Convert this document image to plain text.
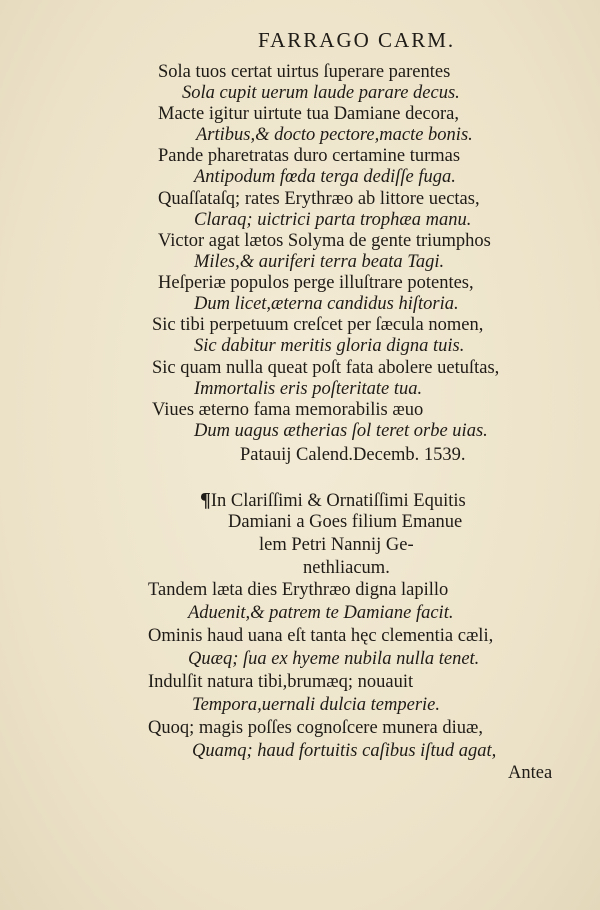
FARRAGO CARM.
Sola tuos certat uirtus ſuperare parentes
Sola cupit uerum laude parare decus.
Macte igitur uirtute tua Damiane decora,
Artibus,& docto pectore,macte bonis.
Pande pharetratas duro certamine turmas
Antipodum fœda terga dediſſe fuga.
Quaſſataſq; rates Erythræo ab littore uectas,
Claraq; uictrici parta trophæa manu.
Victor agat lætos Solyma de gente triumphos
Miles,& auriferi terra beata Tagi.
Heſperiæ populos perge illuſtrare potentes,
Dum licet,æterna candidus hiſtoria.
Sic tibi perpetuum creſcet per ſæcula nomen,
Sic dabitur meritis gloria digna tuis.
Sic quam nulla queat poſt fata abolere uetuſtas,
Immortalis eris poſteritate tua.
Viues æterno fama memorabilis æuo
Dum uagus ætherias ſol teret orbe uias.
Patauij Calend.Decemb. 1539.
¶In Clariſſimi & Ornatiſſimi Equitis
Damiani a Goes filium Emanue
lem Petri Nannij Ge-
nethliacum.
Tandem læta dies Erythræo digna lapillo
Aduenit,& patrem te Damiane facit.
Ominis haud uana eſt tanta hęc clementia cæli,
Quæq; ſua ex hyeme nubila nulla tenet.
Indulſit natura tibi,brumæq; nouauit
Tempora,uernali dulcia temperie.
Quoq; magis poſſes cognoſcere munera diuæ,
Quamq; haud fortuitis caſibus iſtud agat,
Antea
